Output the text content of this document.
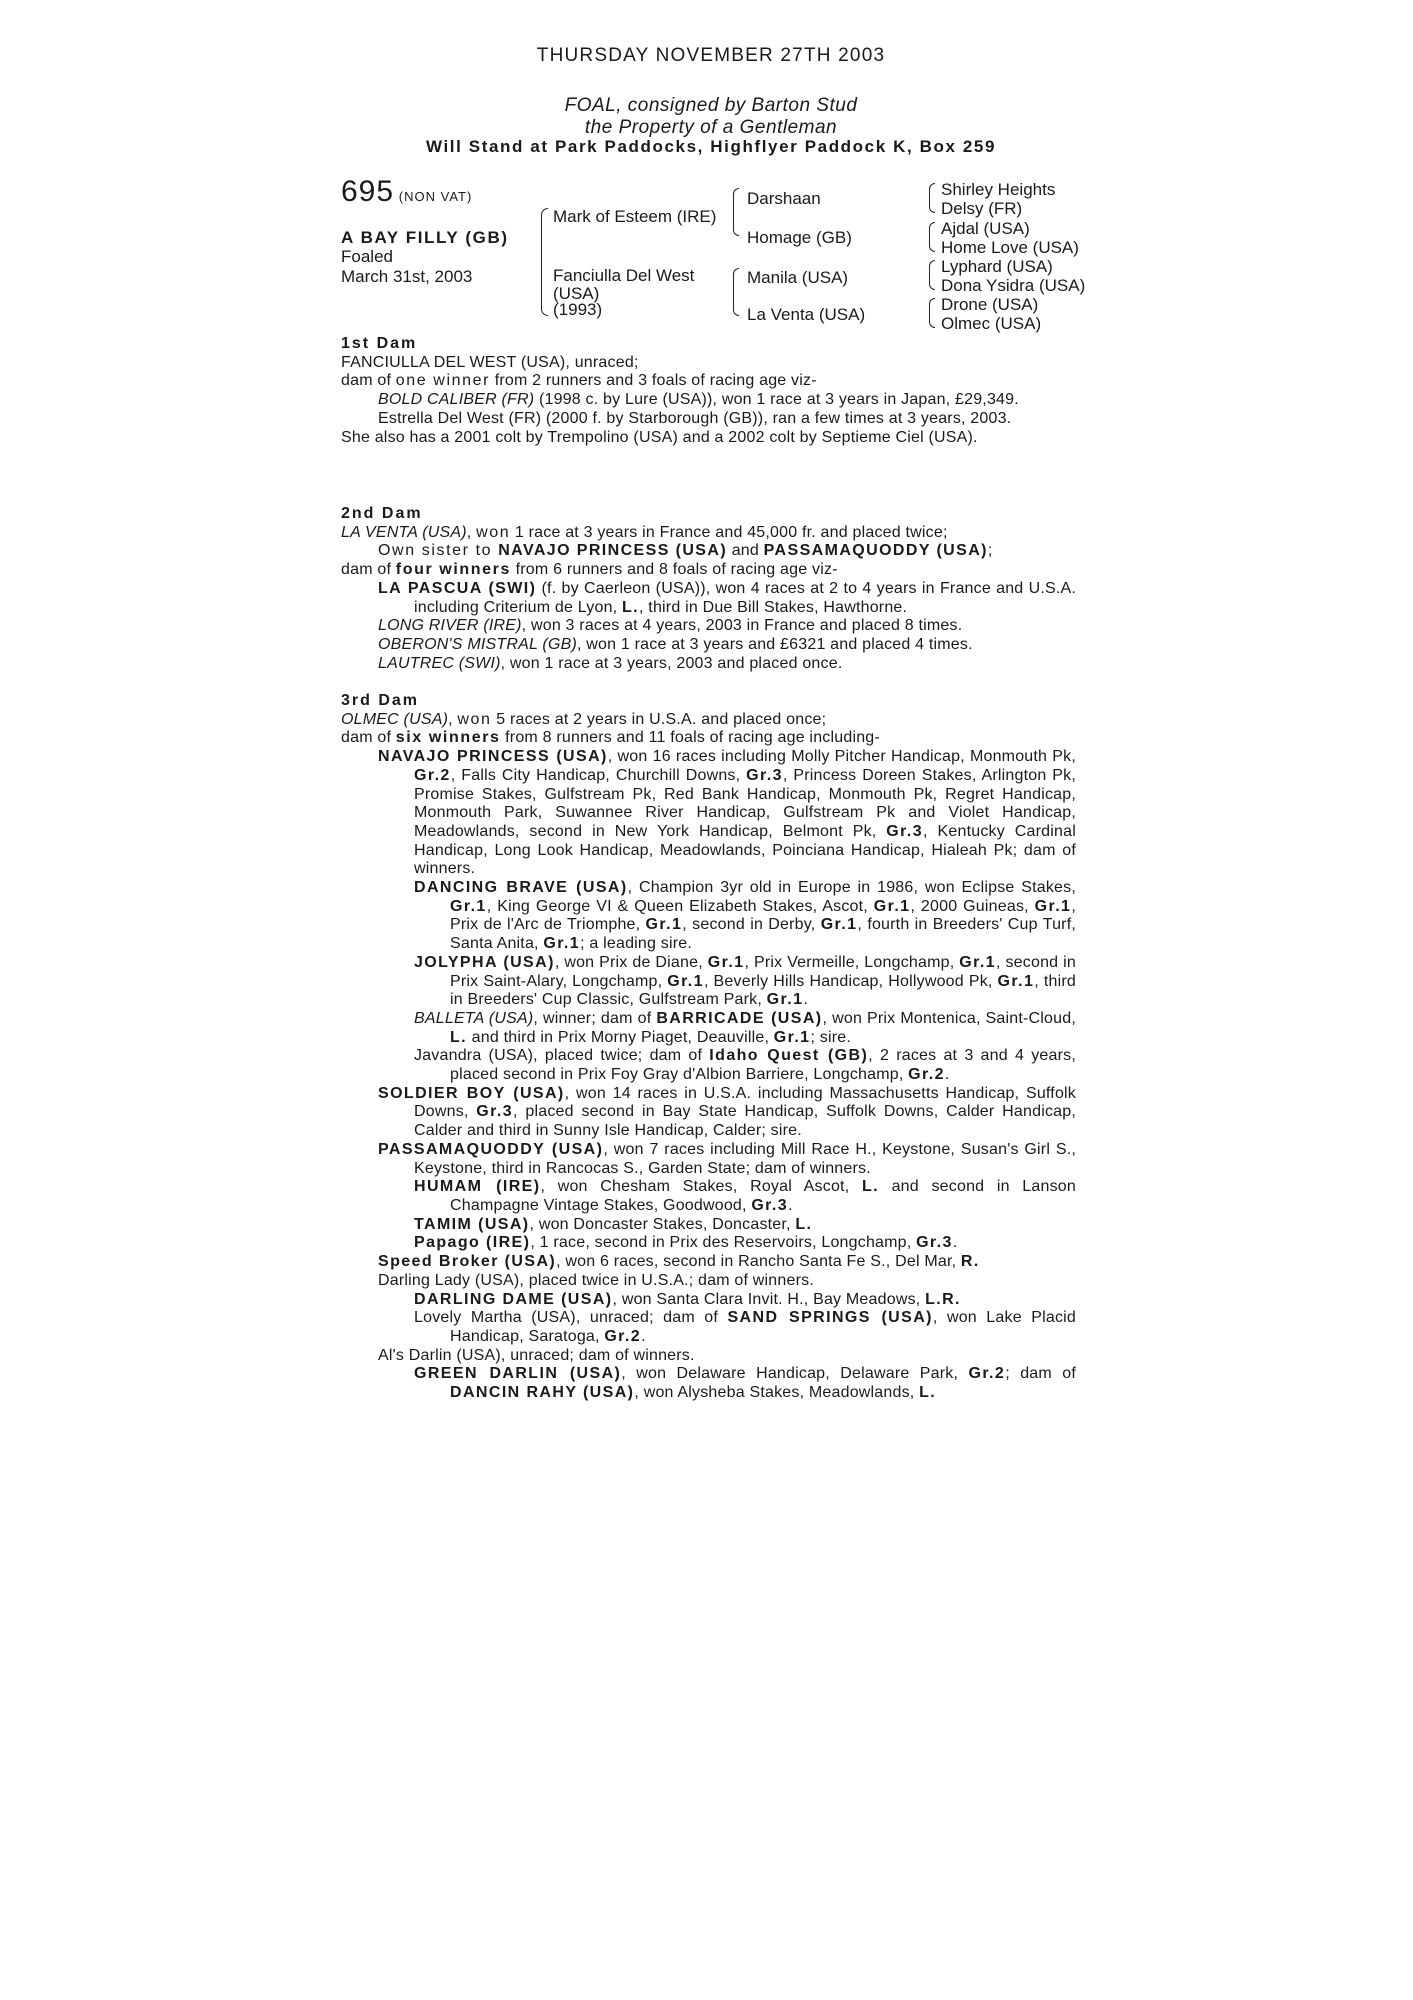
THURSDAY NOVEMBER 27TH 2003
FOAL, consigned by Barton Stud
the Property of a Gentleman
Will Stand at Park Paddocks, Highflyer Paddock K, Box 259
695 (NON VAT)
A BAY FILLY (GB)
Foaled
March 31st, 2003
Mark of Esteem (IRE)
Fanciulla Del West
(USA)
(1993)
Darshaan
Homage (GB)
Manila (USA)
La Venta (USA)
Shirley Heights
Delsy (FR)
Ajdal (USA)
Home Love (USA)
Lyphard (USA)
Dona Ysidra (USA)
Drone (USA)
Olmec (USA)

1st Dam

FANCIULLA DEL WEST (USA), unraced;

dam of one winner from 2 runners and 3 foals of racing age viz-

BOLD CALIBER (FR) (1998 c. by Lure (USA)), won 1 race at 3 years in Japan, £29,349.

Estrella Del West (FR) (2000 f. by Starborough (GB)), ran a few times at 3 years, 2003.

She also has a 2001 colt by Trempolino (USA) and a 2002 colt by Septieme Ciel (USA).

2nd Dam

LA VENTA (USA), won 1 race at 3 years in France and 45,000 fr. and placed twice;

Own sister to NAVAJO PRINCESS (USA) and PASSAMAQUODDY (USA);

dam of four winners from 6 runners and 8 foals of racing age viz-

LA PASCUA (SWI) (f. by Caerleon (USA)), won 4 races at 2 to 4 years in France and U.S.A. including Criterium de Lyon, L., third in Due Bill Stakes, Hawthorne.

LONG RIVER (IRE), won 3 races at 4 years, 2003 in France and placed 8 times.

OBERON'S MISTRAL (GB), won 1 race at 3 years and £6321 and placed 4 times.

LAUTREC (SWI), won 1 race at 3 years, 2003 and placed once.

3rd Dam

OLMEC (USA), won 5 races at 2 years in U.S.A. and placed once;

dam of six winners from 8 runners and 11 foals of racing age including-

NAVAJO PRINCESS (USA), won 16 races including Molly Pitcher Handicap, Monmouth Pk, Gr.2, Falls City Handicap, Churchill Downs, Gr.3, Princess Doreen Stakes, Arlington Pk, Promise Stakes, Gulfstream Pk, Red Bank Handicap, Monmouth Pk, Regret Handicap, Monmouth Park, Suwannee River Handicap, Gulfstream Pk and Violet Handicap, Meadowlands, second in New York Handicap, Belmont Pk, Gr.3, Kentucky Cardinal Handicap, Long Look Handicap, Meadowlands, Poinciana Handicap, Hialeah Pk; dam of winners.

DANCING BRAVE (USA), Champion 3yr old in Europe in 1986, won Eclipse Stakes, Gr.1, King George VI & Queen Elizabeth Stakes, Ascot, Gr.1, 2000 Guineas, Gr.1, Prix de l'Arc de Triomphe, Gr.1, second in Derby, Gr.1, fourth in Breeders' Cup Turf, Santa Anita, Gr.1; a leading sire.

JOLYPHA (USA), won Prix de Diane, Gr.1, Prix Vermeille, Longchamp, Gr.1, second in Prix Saint-Alary, Longchamp, Gr.1, Beverly Hills Handicap, Hollywood Pk, Gr.1, third in Breeders' Cup Classic, Gulfstream Park, Gr.1.

BALLETA (USA), winner; dam of BARRICADE (USA), won Prix Montenica, Saint-Cloud, L. and third in Prix Morny Piaget, Deauville, Gr.1; sire.

Javandra (USA), placed twice; dam of Idaho Quest (GB), 2 races at 3 and 4 years, placed second in Prix Foy Gray d'Albion Barriere, Longchamp, Gr.2.

SOLDIER BOY (USA), won 14 races in U.S.A. including Massachusetts Handicap, Suffolk Downs, Gr.3, placed second in Bay State Handicap, Suffolk Downs, Calder Handicap, Calder and third in Sunny Isle Handicap, Calder; sire.

PASSAMAQUODDY (USA), won 7 races including Mill Race H., Keystone, Susan's Girl S., Keystone, third in Rancocas S., Garden State; dam of winners.

HUMAM (IRE), won Chesham Stakes, Royal Ascot, L. and second in Lanson Champagne Vintage Stakes, Goodwood, Gr.3.

TAMIM (USA), won Doncaster Stakes, Doncaster, L.

Papago (IRE), 1 race, second in Prix des Reservoirs, Longchamp, Gr.3.

Speed Broker (USA), won 6 races, second in Rancho Santa Fe S., Del Mar, R.

Darling Lady (USA), placed twice in U.S.A.; dam of winners.

DARLING DAME (USA), won Santa Clara Invit. H., Bay Meadows, L.R.

Lovely Martha (USA), unraced; dam of SAND SPRINGS (USA), won Lake Placid Handicap, Saratoga, Gr.2.

Al's Darlin (USA), unraced; dam of winners.

GREEN DARLIN (USA), won Delaware Handicap, Delaware Park, Gr.2; dam of DANCIN RAHY (USA), won Alysheba Stakes, Meadowlands, L.
